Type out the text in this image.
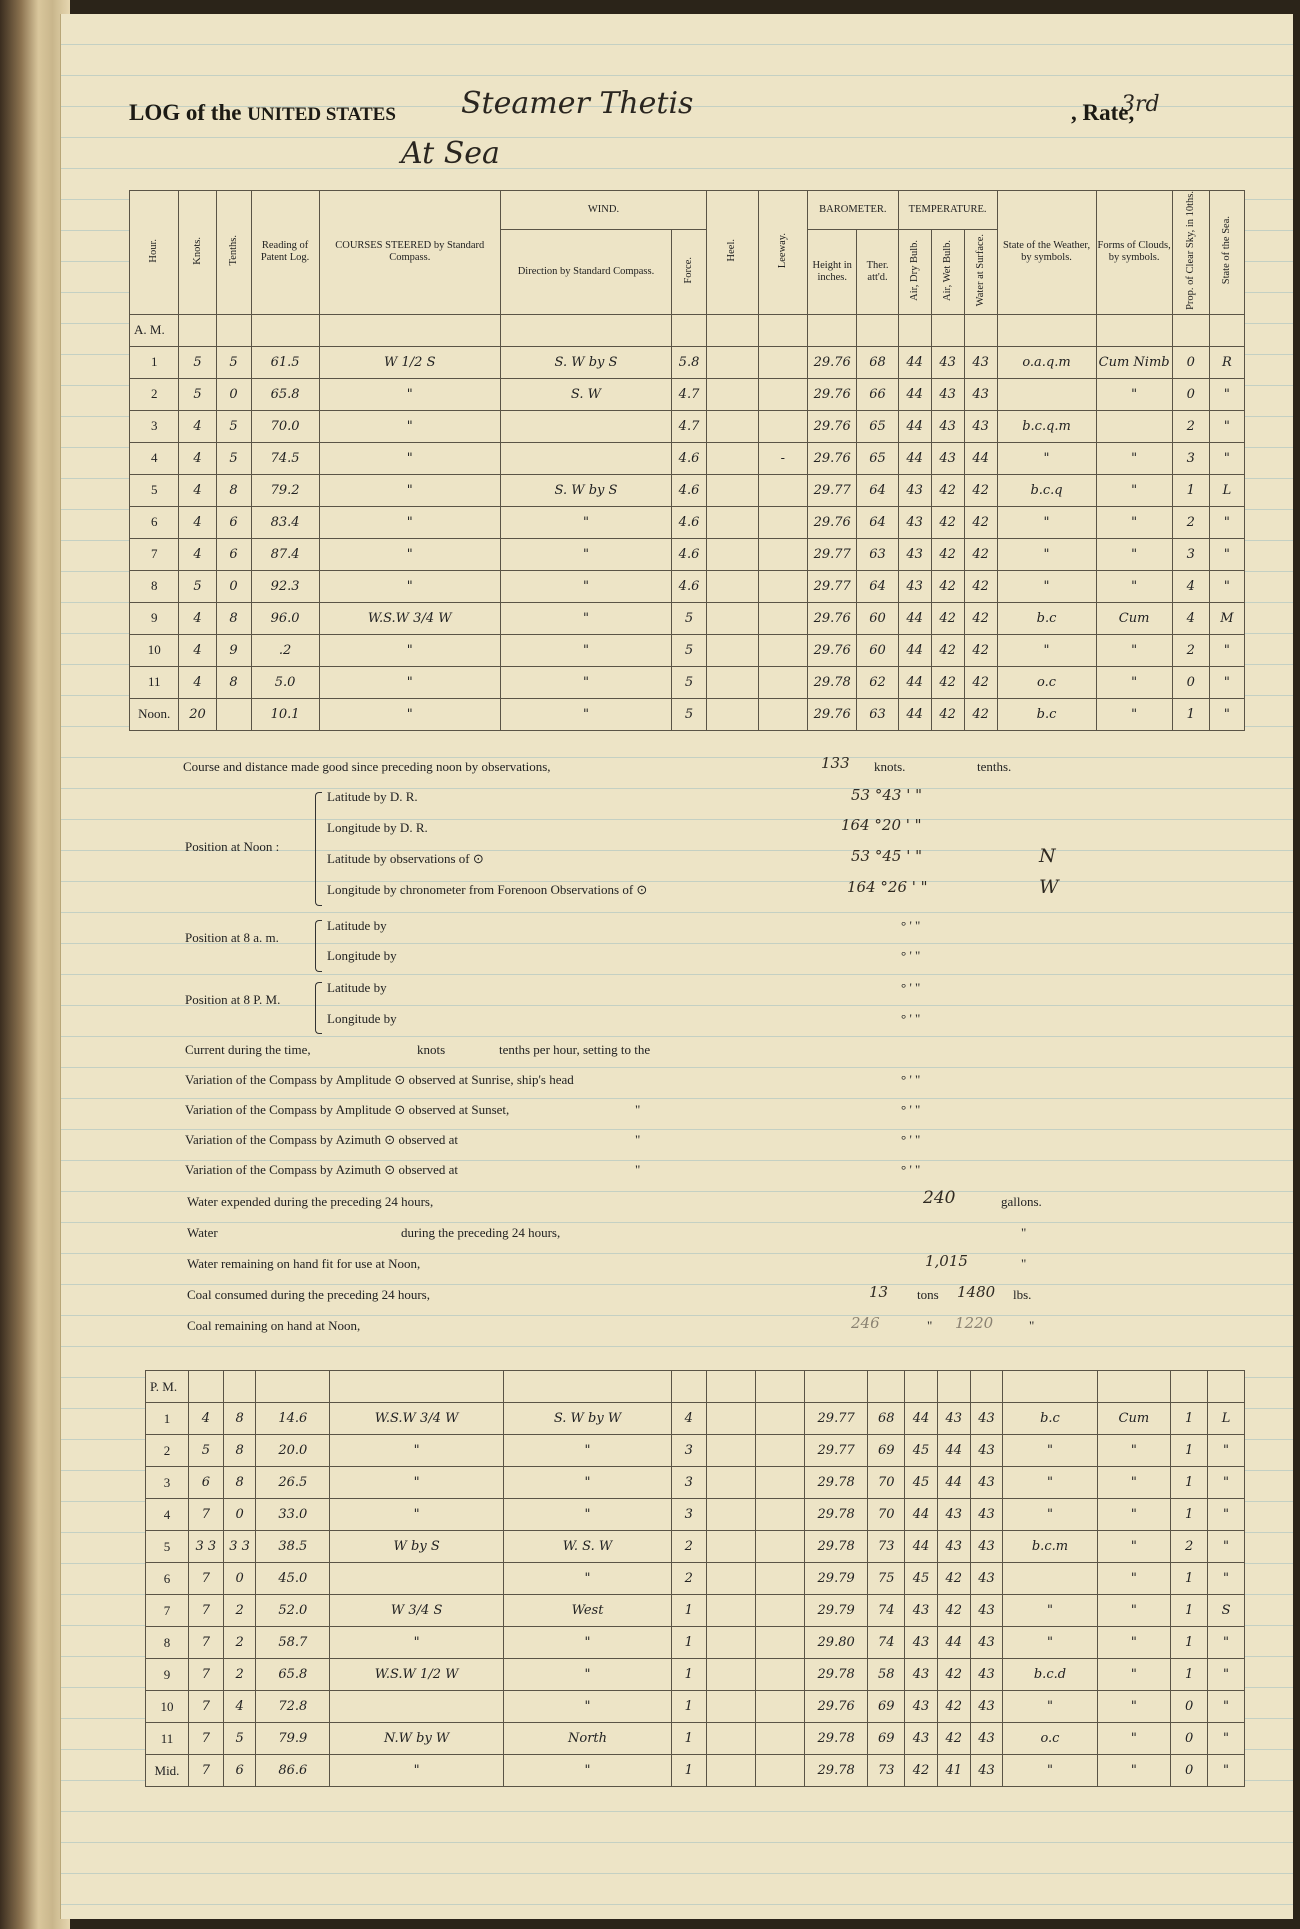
LOG of the UNITED STATES Steamer Thetis
At Sea
3rd
, Rate,
Hour.	Knots.	Tenths.	Reading of Patent Log.	COURSES STEERED by Standard Compass.	WIND.		Heel.	Leeway.	BAROMETER.		TEMPERATURE.			State of the Weather, by symbols.	Forms of Clouds, by symbols.	Prop. of Clear Sky, in 10ths.	State of the Sea.
					Direction by Standard Compass.	Force.			Height in inches.	Ther. att'd.	Air, Dry Bulb.	Air, Wet Bulb.	Water at Surface.				
A. M.																	
1	5	5	61.5	W 1/2 S	S. W by S	5.8			29.76	68	44	43	43	o.a.q.m	Cum Nimb	0	R
2	5	0	65.8	"	S. W	4.7			29.76	66	44	43	43		"	0	"
3	4	5	70.0	"		4.7			29.76	65	44	43	43	b.c.q.m		2	"
4	4	5	74.5	"		4.6		-	29.76	65	44	43	44	"	"	3	"
5	4	8	79.2	"	S. W by S	4.6			29.77	64	43	42	42	b.c.q	"	1	L
6	4	6	83.4	"	"	4.6			29.76	64	43	42	42	"	"	2	"
7	4	6	87.4	"	"	4.6			29.77	63	43	42	42	"	"	3	"
8	5	0	92.3	"	"	4.6			29.77	64	43	42	42	"	"	4	"
9	4	8	96.0	W.S.W 3/4 W	"	5			29.76	60	44	42	42	b.c	Cum	4	M
10	4	9	.2	"	"	5			29.76	60	44	42	42	"	"	2	"
11	4	8	5.0	"	"	5			29.78	62	44	42	42	o.c	"	0	"
Noon.	20		10.1	"	"	5			29.76	63	44	42	42	b.c	"	1	"
Course and distance made good since preceding noon by observations,	133 knots.	tenths.
Position at Noon :
Latitude by D. R.	53 °43 ' "
Longitude by D. R.	164 °20 ' "
Latitude by observations of ⊙	53 °45 ' "	N
Longitude by chronometer from Forenoon Observations of ⊙	164 °26 ' "	W
Position at 8 a. m.
Latitude by	° ' "
Longitude by	° ' "
Position at 8 P. M.
Latitude by	° ' "
Longitude by	° ' "
Current during the time,	knots	tenths per hour, setting to the
Variation of the Compass by Amplitude ⊙ observed at Sunrise, ship's head	° ' "
Variation of the Compass by Amplitude ⊙ observed at Sunset,	"	° ' "
Variation of the Compass by Azimuth ⊙ observed at	"	° ' "
Variation of the Compass by Azimuth ⊙ observed at	"	° ' "
Water expended during the preceding 24 hours,	240	gallons.
Water	during the preceding 24 hours,	"
Water remaining on hand fit for use at Noon,	1,015	"
Coal consumed during the preceding 24 hours,	13 tons 1480 lbs.
Coal remaining on hand at Noon,	246	" 1220	"
P. M.																	
1	4	8	14.6	W.S.W 3/4 W	S. W by W	4			29.77	68	44	43	43	b.c	Cum	1	L
2	5	8	20.0	"	"	3			29.77	69	45	44	43	"	"	1	"
3	6	8	26.5	"	"	3			29.78	70	45	44	43	"	"	1	"
4	7	0	33.0	"	"	3			29.78	70	44	43	43	"	"	1	"
5	3 3	3 3	38.5	W by S	W. S. W	2			29.78	73	44	43	43	b.c.m	"	2	"
6	7	0	45.0		"	2			29.79	75	45	42	43		"	1	"
7	7	2	52.0	W 3/4 S	West	1			29.79	74	43	42	43	"	"	1	S
8	7	2	58.7	"	"	1			29.80	74	43	44	43	"	"	1	"
9	7	2	65.8	W.S.W 1/2 W	"	1			29.78	58	43	42	43	b.c.d	"	1	"
10	7	4	72.8		"	1			29.76	69	43	42	43	"	"	0	"
11	7	5	79.9	N.W by W	North	1			29.78	69	43	42	43	o.c	"	0	"
Mid.	7	6	86.6	"	"	1			29.78	73	42	41	43	"	"	0	"
